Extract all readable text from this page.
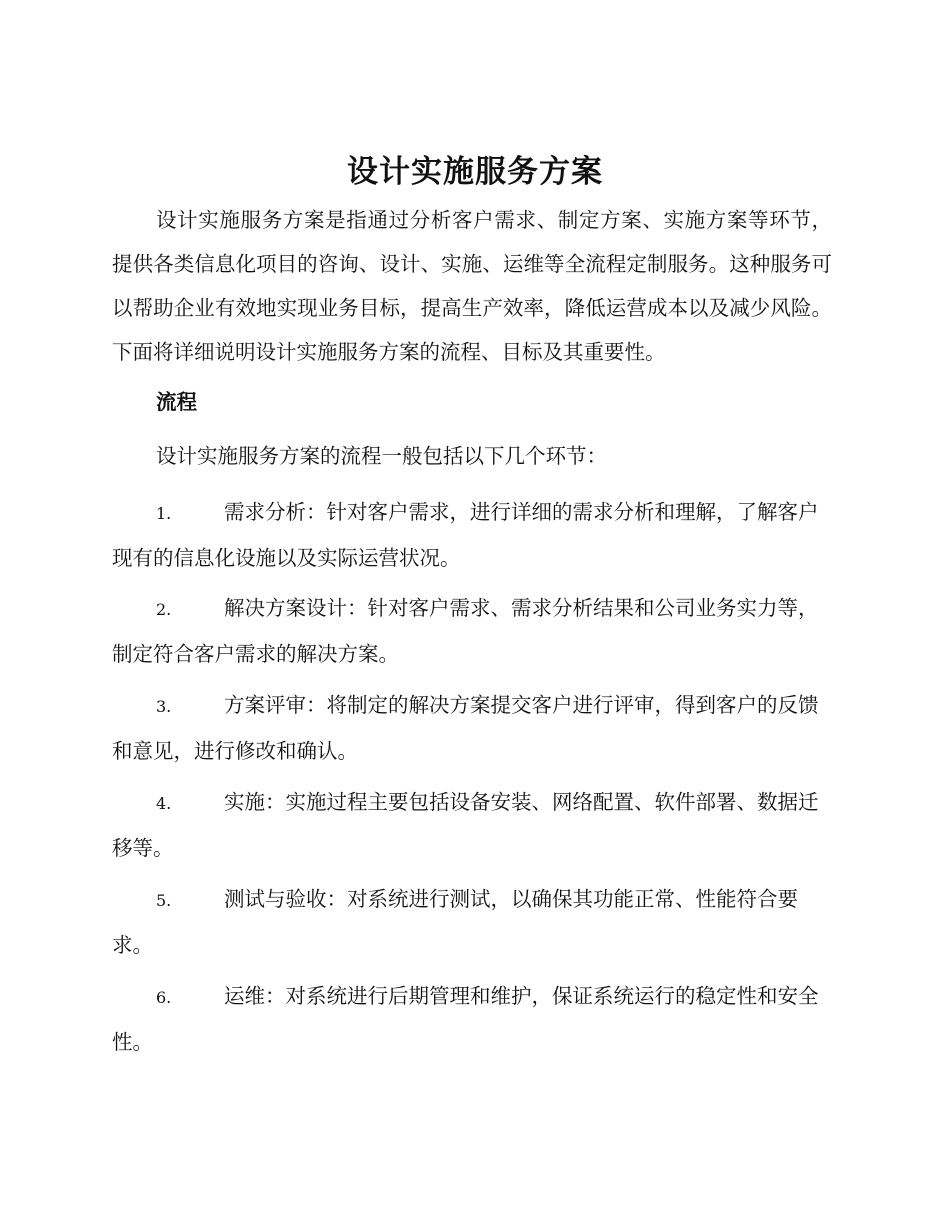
设计实施服务方案
设计实施服务方案是指通过分析客户需求、制定方案、实施方案等环节，提供各类信息化项目的咨询、设计、实施、运维等全流程定制服务。这种服务可以帮助企业有效地实现业务目标，提高生产效率，降低运营成本以及减少风险。下面将详细说明设计实施服务方案的流程、目标及其重要性。
流程
设计实施服务方案的流程一般包括以下几个环节：
1.	需求分析：针对客户需求，进行详细的需求分析和理解，了解客户现有的信息化设施以及实际运营状况。
2.	解决方案设计：针对客户需求、需求分析结果和公司业务实力等，制定符合客户需求的解决方案。
3.	方案评审：将制定的解决方案提交客户进行评审，得到客户的反馈和意见，进行修改和确认。
4.	实施：实施过程主要包括设备安装、网络配置、软件部署、数据迁移等。
5.	测试与验收：对系统进行测试，以确保其功能正常、性能符合要求。
6.	运维：对系统进行后期管理和维护，保证系统运行的稳定性和安全性。
